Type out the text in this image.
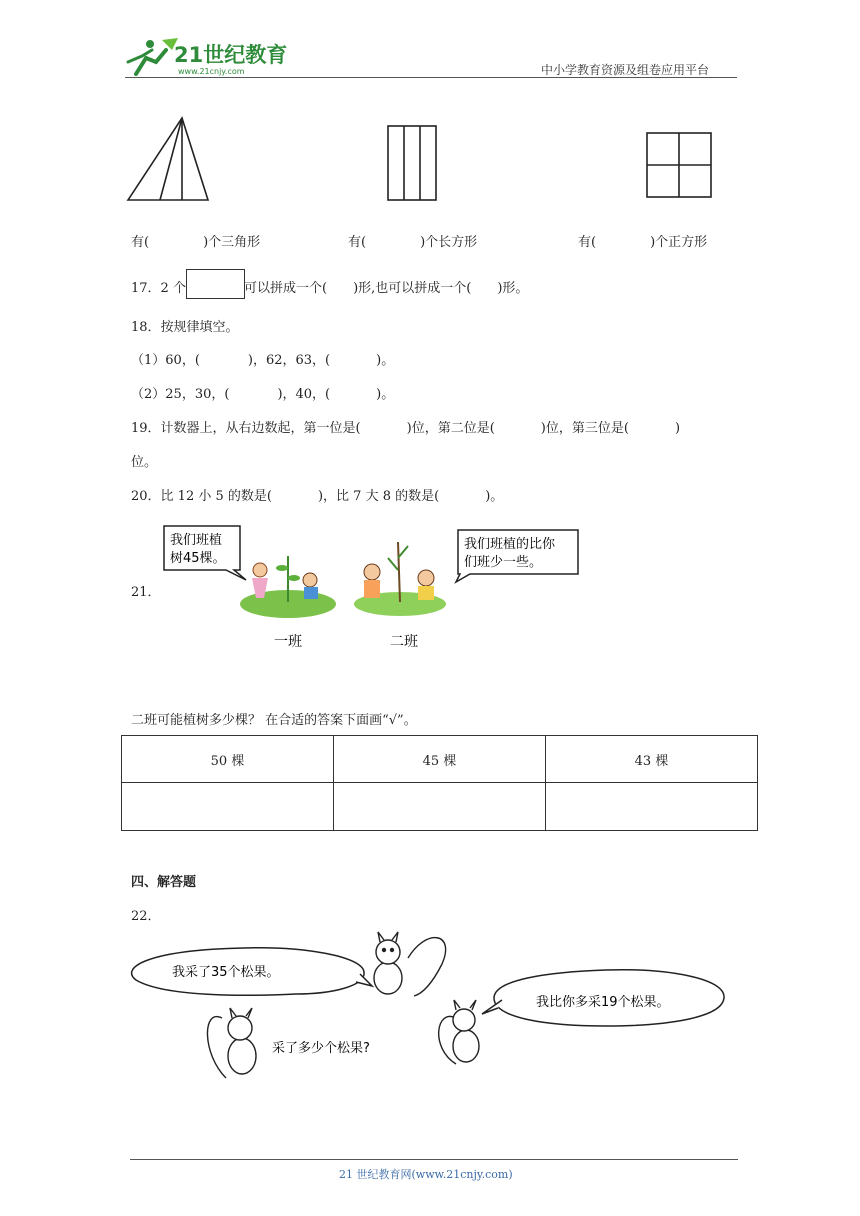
21世纪教育
www.21cnjy.com	中小学教育资源及组卷应用平台
有(	)个三角形	有(	)个长方形	有(	)个正方形
17．2 个	可以拼成一个( )形,也可以拼成一个( )形。
18．按规律填空。
（1）60，(	)，62，63，(	)。
（2）25，30，(	)，40，(	)。
19．计数器上，从右边数起，第一位是(	)位，第二位是(	)位，第三位是(	)
位。
20．比 12 小 5 的数是(	)，比 7 大 8 的数是(	)。
21．
我们班植
树45棵。
我们班植的比你
们班少一些。
一班	二班
二班可能植树多少棵？ 在合适的答案下面画“√”。
50 棵	45 棵	43 棵

四、解答题
22．
我采了35个松果。
我比你多采19个松果。
采了多少个松果?
21 世纪教育网(www.21cnjy.com)
